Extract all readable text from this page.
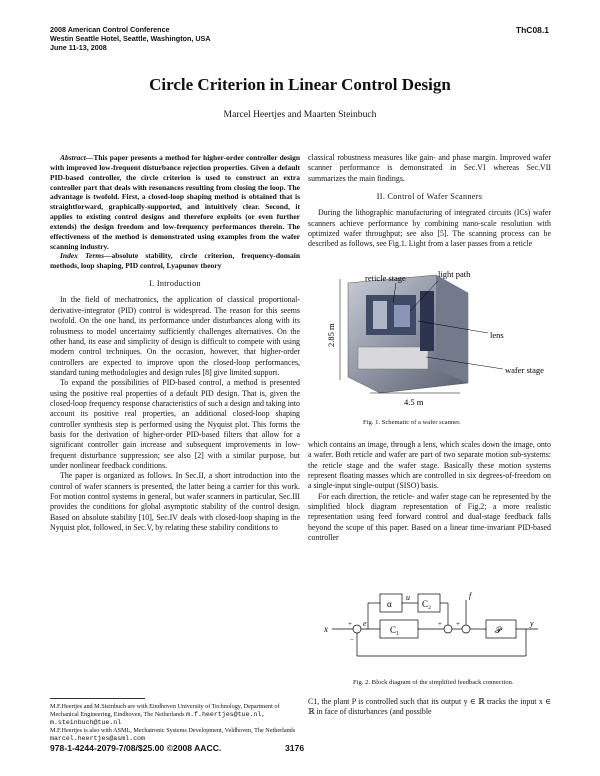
2008 American Control Conference
Westin Seattle Hotel, Seattle, Washington, USA
June 11-13, 2008
ThC08.1
Circle Criterion in Linear Control Design
Marcel Heertjes and Maarten Steinbuch

Abstract—This paper presents a method for higher-order controller design with improved low-frequent disturbance rejection properties. Given a default PID-based controller, the circle criterion is used to construct an extra controller part that deals with resonances resulting from closing the loop. The advantage is twofold. First, a closed-loop shaping method is obtained that is straightforward, graphically-supported, and intuitively clear. Second, it applies to existing control designs and therefore exploits (or even further extends) the design freedom and low-frequency performances therein. The effectiveness of the method is demonstrated using examples from the wafer scanning industry.

Index Terms—absolute stability, circle criterion, frequency-domain methods, loop shaping, PID control, Lyapunov theory

I. Introduction

In the field of mechatronics, the application of classical proportional-derivative-integrator (PID) control is widespread. The reason for this seems twofold. On the one hand, its performance under disturbances along with its robustness to model uncertainty sufficiently challenges alternatives. On the other hand, its ease and simplicity of design is difficult to compete with using modern control techniques. On the occasion, however, that higher-order controllers are expected to improve upon the closed-loop performances, standard tuning methodologies and design rules [8] give limited support.

To expand the possibilities of PID-based control, a method is presented using the positive real properties of a default PID design. That is, given the closed-loop frequency response characteristics of such a design and taking into account its positive real properties, an additional closed-loop shaping controller synthesis step is performed using the Nyquist plot. This forms the basis for the derivation of higher-order PID-based filters that allow for a significant controller gain increase and subsequent improvements in low-frequent disturbance suppression; see also [2] with a similar purpose, but under nonlinear feedback conditions.

The paper is organized as follows. In Sec.II, a short introduction into the control of wafer scanners is presented, the latter being a carrier for this work. For motion control systems in general, but wafer scanners in particular, Sec.III provides the conditions for global asymptotic stability of the control design. Based on absolute stability [10], Sec.IV deals with closed-loop shaping in the Nyquist plot, followed, in Sec.V, by relating these stability conditions to

M.F.Heertjes and M.Steinbuch are with Eindhoven University of Technology, Department of Mechanical Engineering, Eindhoven, The Netherlands m.f.heertjes@tue.nl, m.steinbuch@tue.nl
M.F.Heertjes is also with ASML, Mechatronic Systems Development, Veldhoven, The Netherlands marcel.heertjes@asml.com

classical robustness measures like gain- and phase margin. Improved wafer scanner performance is demonstrated in Sec.VI whereas Sec.VII summarizes the main findings.

II. Control of Wafer Scanners

During the lithographic manufacturing of integrated circuits (ICs) wafer scanners achieve performance by combining nano-scale resolution with optimized wafer throughput; see also [5]. The scanning process can be described as follows, see Fig.1. Light from a laser passes from a reticle

reticle stage	light path
lens
wafer stage
2.85 m
4.5 m
Fig. 1. Schematic of a wafer scanner.

which contains an image, through a lens, which scales down the image, onto a wafer. Both reticle and wafer are part of two separate motion sub-systems: the reticle stage and the wafer stage. Basically these motion systems represent floating masses which are controlled in six degrees-of-freedom on a single-input single-output (SISO) basis.

For each direction, the reticle- and wafer stage can be represented by the simplified block diagram representation of Fig.2; a more realistic representation using feed forward control and dual-stage feedback falls beyond the scope of this paper. Based on a linear time-invariant PID-based controller

α	C₂
C₁	𝒫
x
e
u	f
y
+
−
+ +
Fig. 2. Block diagram of the simplified feedback connection.

C1, the plant P is controlled such that its output y ∈ ℝ tracks the input x ∈ ℝ in face of disturbances (and possible

978-1-4244-2079-7/08/$25.00 ©2008 AACC.	3176
